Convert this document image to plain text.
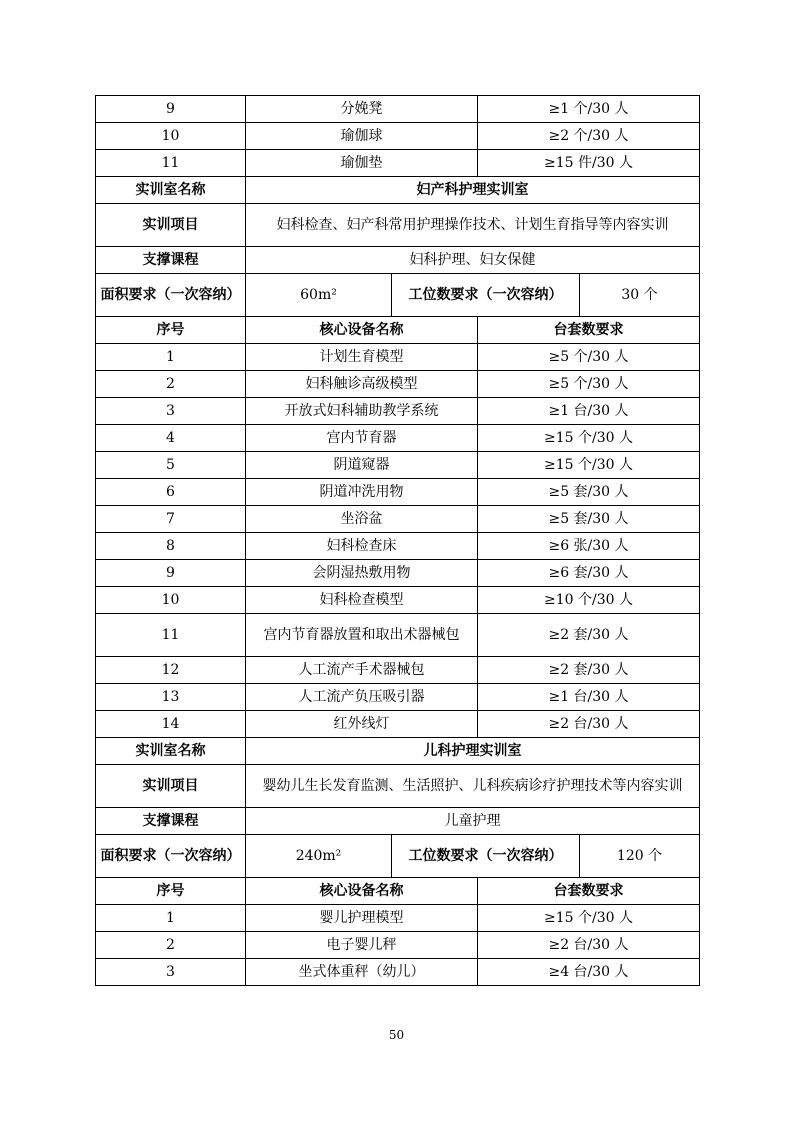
9	分娩凳		≥1 个/30 人	
10	瑜伽球		≥2 个/30 人	
11	瑜伽垫		≥15 件/30 人	
实训室名称	妇产科护理实训室			
实训项目	妇科检查、妇产科常用护理操作技术、计划生育指导等内容实训			
支撑课程	妇科护理、妇女保健			
面积要求（一次容纳）	60m²	工位数要求（一次容纳）		30 个
序号	核心设备名称		台套数要求	
1	计划生育模型		≥5 个/30 人	
2	妇科触诊高级模型		≥5 个/30 人	
3	开放式妇科辅助教学系统		≥1 台/30 人	
4	宫内节育器		≥15 个/30 人	
5	阴道窥器		≥15 个/30 人	
6	阴道冲洗用物		≥5 套/30 人	
7	坐浴盆		≥5 套/30 人	
8	妇科检查床		≥6 张/30 人	
9	会阴湿热敷用物		≥6 套/30 人	
10	妇科检查模型		≥10 个/30 人	
11	宫内节育器放置和取出术器械包		≥2 套/30 人	
12	人工流产手术器械包		≥2 套/30 人	
13	人工流产负压吸引器		≥1 台/30 人	
14	红外线灯		≥2 台/30 人	
实训室名称	儿科护理实训室			
实训项目	婴幼儿生长发育监测、生活照护、儿科疾病诊疗护理技术等内容实训			
支撑课程	儿童护理			
面积要求（一次容纳）	240m²	工位数要求（一次容纳）		120 个
序号	核心设备名称		台套数要求	
1	婴儿护理模型		≥15 个/30 人	
2	电子婴儿秤		≥2 台/30 人	
3	坐式体重秤（幼儿）		≥4 台/30 人	
50
